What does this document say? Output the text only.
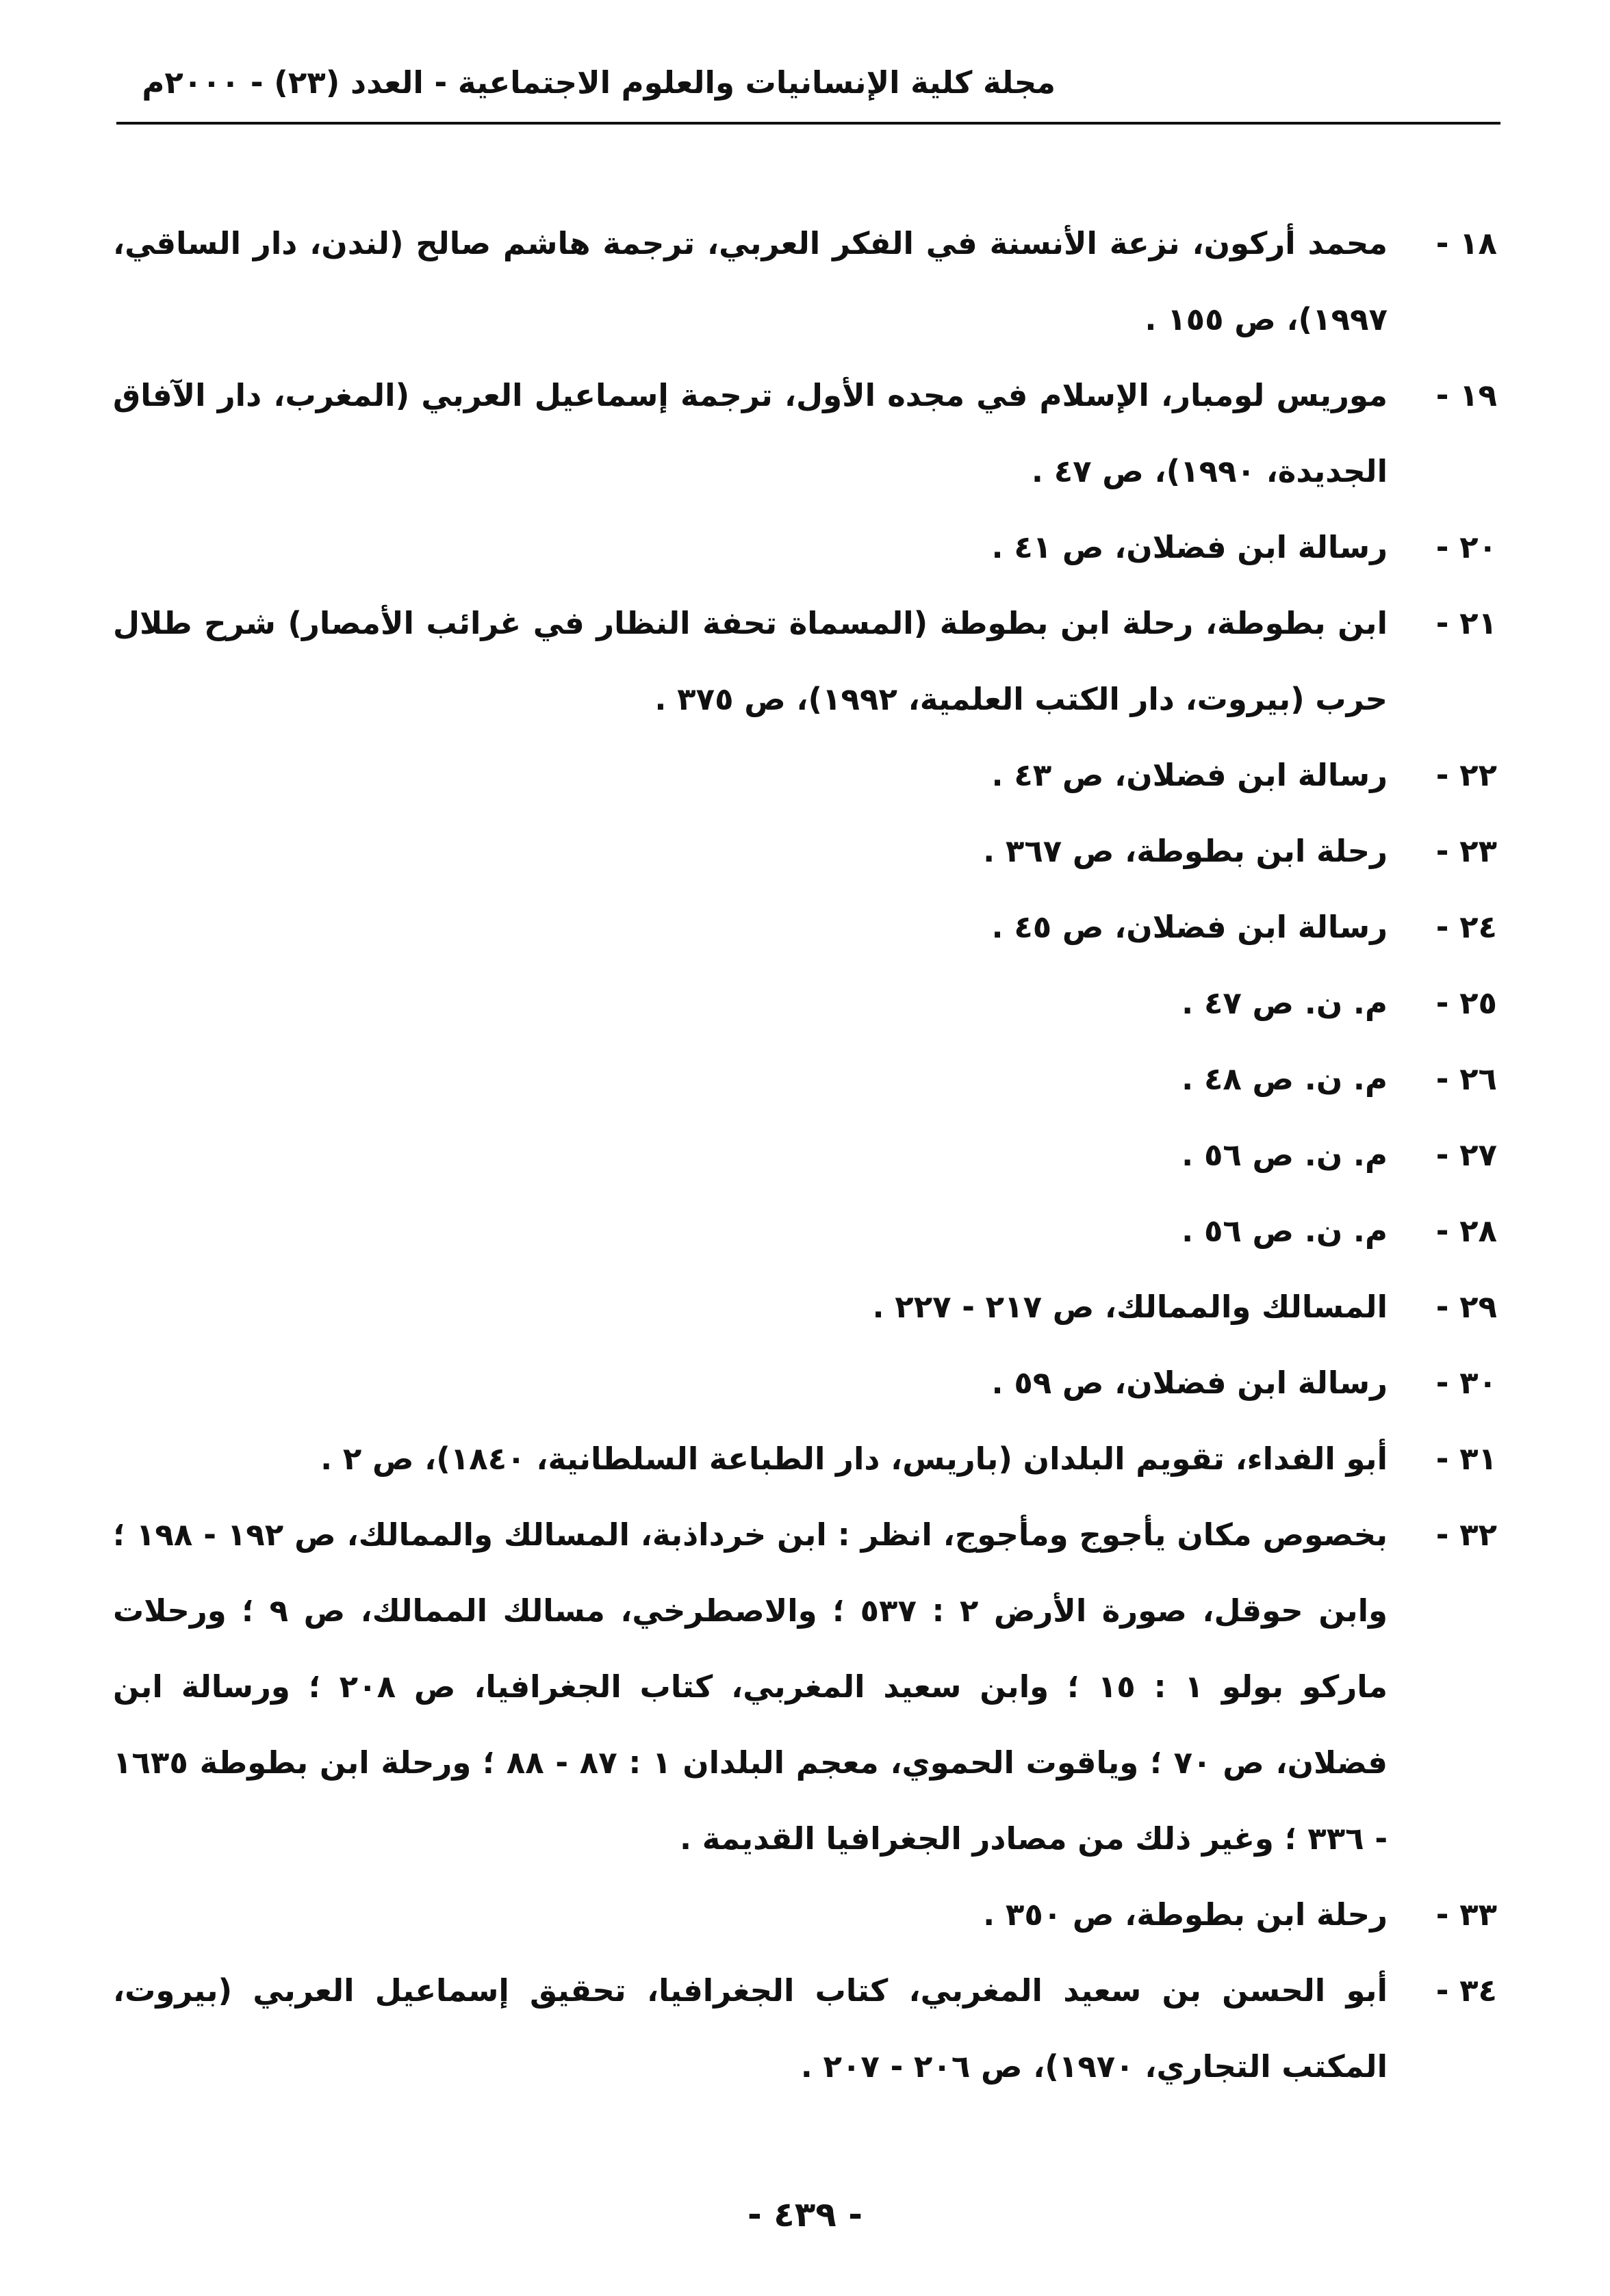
مجلة كلية الإنسانيات والعلوم الاجتماعية - العدد (٢٣) - ٢٠٠٠م
١٨ -
محمد أركون، نزعة الأنسنة في الفكر العربي، ترجمة هاشم صالح (لندن، دار الساقي، ١٩٩٧)، ص ١٥٥ .
١٩ -
موريس لومبار، الإسلام في مجده الأول، ترجمة إسماعيل العربي (المغرب، دار الآفاق الجديدة، ١٩٩٠)، ص ٤٧ .
٢٠ -
رسالة ابن فضلان، ص ٤١ .
٢١ -
ابن بطوطة، رحلة ابن بطوطة (المسماة تحفة النظار في غرائب الأمصار) شرح طلال حرب (بيروت، دار الكتب العلمية، ١٩٩٢)، ص ٣٧٥ .
٢٢ -
رسالة ابن فضلان، ص ٤٣ .
٢٣ -
رحلة ابن بطوطة، ص ٣٦٧ .
٢٤ -
رسالة ابن فضلان، ص ٤٥ .
٢٥ -
م. ن. ص ٤٧ .
٢٦ -
م. ن. ص ٤٨ .
٢٧ -
م. ن. ص ٥٦ .
٢٨ -
م. ن. ص ٥٦ .
٢٩ -
المسالك والممالك، ص ٢١٧ - ٢٢٧ .
٣٠ -
رسالة ابن فضلان، ص ٥٩ .
٣١ -
أبو الفداء، تقويم البلدان (باريس، دار الطباعة السلطانية، ١٨٤٠)، ص ٢ .
٣٢ -
بخصوص مكان يأجوج ومأجوج، انظر : ابن خرداذبة، المسالك والممالك، ص ١٩٢ - ١٩٨ ؛ وابن حوقل، صورة الأرض ٢ : ٥٣٧ ؛ والاصطرخي، مسالك الممالك، ص ٩ ؛ ورحلات ماركو بولو ١ : ١٥ ؛ وابن سعيد المغربي، كتاب الجغرافيا، ص ٢٠٨ ؛ ورسالة ابن فضلان، ص ٧٠ ؛ وياقوت الحموي، معجم البلدان ١ : ٨٧ - ٨٨ ؛ ورحلة ابن بطوطة ١٦٣٥ - ٣٣٦ ؛ وغير ذلك من مصادر الجغرافيا القديمة .
٣٣ -
رحلة ابن بطوطة، ص ٣٥٠ .
٣٤ -
أبو الحسن بن سعيد المغربي، كتاب الجغرافيا، تحقيق إسماعيل العربي (بيروت، المكتب التجاري، ١٩٧٠)، ص ٢٠٦ - ٢٠٧ .
- ٤٣٩ -
